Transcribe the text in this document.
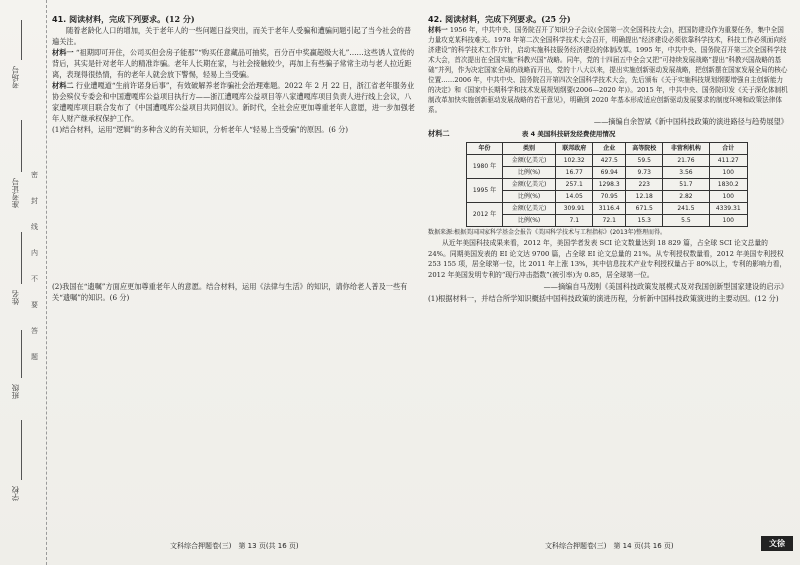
考场号
准考证号
姓名
班级
学校
密
封
线
内
不
要
答
题
41. 阅读材料，完成下列要求。(12 分)

随着老龄化人口的增加，关于老年人的一些问题日益突出，而关于老年人受骗和遭骗问题引起了当今社会的普遍关注。

材料一 “祖期即可开住，公司买但会房子能那”“购买任意藏品可抽奖，百分百中奖赢超级大礼”……这些诱人宣传的背后，其实是针对老年人的精准诈骗。老年人长期在家，与社会接触较少，再加上有些骗子常常主动与老人拉近距离，表现得很热情，有的老年人就会放下警惕，轻易上当受骗。

材料二 行业遭嘎道“生前许诺身后事”，有效破解养老诈骗社会治理难题。2022 年 2 月 22 日，浙江省老年服务业协会殡仪专委会和中国遭嘎库公益项目执行方——浙江遭嘎库公益项目等八家遭嘎库项目负责人进行线上会议，八家遭嘎库项目联合发布了《中国遭嘎库公益项目共同倡议》。新时代，全社会应更加尊重老年人意愿，进一步加强老年人财产继承权保护工作。

(1)结合材料，运用“逻辑”的多种含义的有关知识，分析老年人“轻易上当受骗”的原因。(6 分)

(2)我国在“遗嘱”方面应更加尊重老年人的意愿。结合材料，运用《法律与生活》的知识，请你给老人普及一些有关“遗嘱”的知识。(6 分)

42. 阅读材料，完成下列要求。(25 分)

材料一 1956 年，中共中央、国务院召开了知识分子会议(全国第一次全国科技大会)，把国防建设作为重要任务，集中全国力量攻克某科技难关。1978 年第二次全国科学技术大会召开，明确提出“经济建设必须依靠科学技术，科技工作必须面向经济建设”的科学技术工作方针，启动实施科技服务经济建设的体制改革。1995 年，中共中央、国务院召开第三次全国科学技术大会，首次提出在全国实施“科教兴国”战略。同年，党的十四届五中全会又把“可持续发展战略”提出“科教兴国战略的基础”并列，作为决定国家全局的战略而开出，党的十八大以来，提出实施创新驱动发展战略，把创新摆在国家发展全局的核心位置……2006 年，中共中央、国务院召开第四次全国科学技术大会，先后颁布《关于实施科技规划纲要增强自主创新能力的决定》和《国家中长期科学和技术发展规划纲要(2006—2020 年)》。2015 年，中共中央、国务院印发《关于深化体制机制改革加快实施创新驱动发展战略的若干意见》，明确到 2020 年基本形成适应创新驱动发展要求的制度环境和政策法律体系。

——摘编自余智斌《新中国科技政策的演进路径与趋势展望》

材料二	表 4 美国科技研发经费使用情况
年份	类别	联邦政府	企业	高等院校	非营利机构	合计
1980 年	金额(亿美元)	102.32	427.5	59.5	21.76	411.27
	比例(%)	16.77	69.94	9.73	3.56	100
1995 年	金额(亿美元)	257.1	1298.3	223	51.7	1830.2
	比例(%)	14.05	70.95	12.18	2.82	100
2012 年	金额(亿美元)	309.91	3116.4	671.5	241.5	4339.31
	比例(%)	7.1	72.1	15.3	5.5	100
数据来源:根据美国国家科学基金会报告《美国科学技术与工程指标》(2013年)整理而得。

从近年美国科技成果来看，2012 年，美国学者发表 SCI 论文数量达到 18 829 篇，占全球 SCI 论文总量的 24%。同期美国发表的 EI 论文达 9700 篇，占全球 EI 论文总量的 21%。从专利授权数量看，2012 年美国专利授权 253 155 项，居全球第一位，比 2011 年上涨 13%，其中信息技术产业专利授权量占于 80%以上，专利的影响力看，2012 年美国发明专利的“现行冲击指数”(被引率)为 0.85，居全球第一位。

——摘编自马茂刚《美国科技政策发展模式及对我国创新型国家建设的启示》

(1)根据材料一，并结合所学知识概括中国科技政策的演进历程，分析新中国科技政策演进的主要动因。(12 分)

文科综合押题卷(三)　第 13 页(共 16 页)	文科综合押题卷(三)　第 14 页(共 16 页)	文徐
